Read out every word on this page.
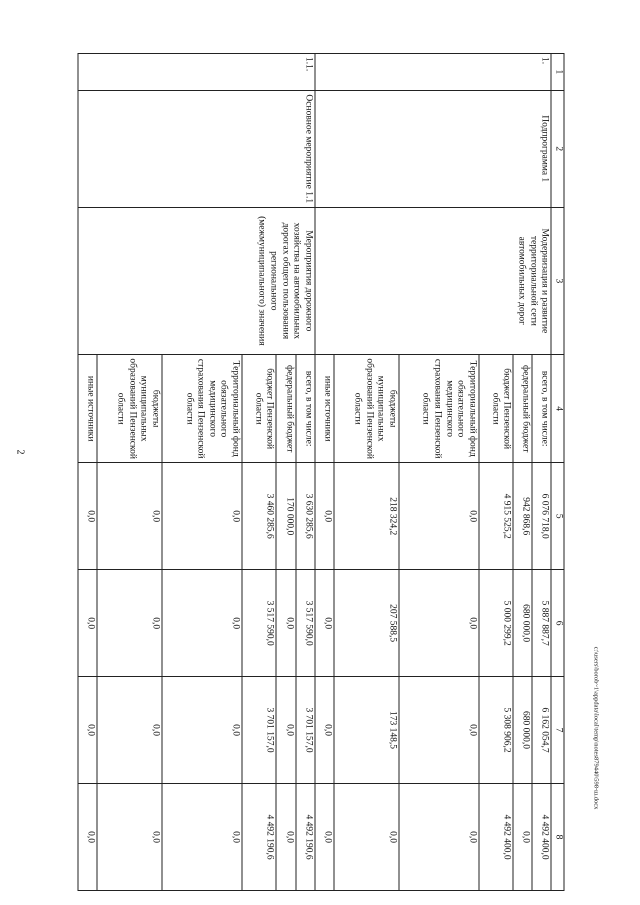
2
1	2	3	4	5	6	7	8
1.	Подпрограмма 1	Модернизация и развитие территориальной сети автомобильных дорог	всего, в том числе:	6 076 718,0	5 887 887,7	6 162 054,7	4 492 400,0
			федеральный бюджет	942 868,6	680 000,0	680 000,0	0,0
			бюджет Пензенской области	4 915 525,2	5 000 299,2	5 308 906,2	4 492 400,0
			Территориальный фонд обязательного медицинского страхования Пензенской области	0,0	0,0	0,0	0,0
			бюджеты муниципальных образований Пензенской области	218 324,2	207 588,5	173 148,5	0,0
			иные источники	0,0	0,0	0,0	0,0
1.1.	Основное мероприятие 1.1	Мероприятия дорожного хозяйства на автомобильных дорогах общего пользования регионального (межмуниципального) значения	всего, в том числе:	3 630 285,6	3 517 590,0	3 701 157,0	4 492 190,6
			федеральный бюджет	170 000,0	0,0	0,0	0,0
			бюджет Пензенской области	3 460 285,6	3 517 590,0	3 701 157,0	4 492 190,6
			Территориальный фонд обязательного медицинского страхования Пензенской области	0,0	0,0	0,0	0,0
			бюджеты муниципальных образований Пензенской области	0,0	0,0	0,0	0,0
			иные источники	0,0	0,0	0,0	0,0
c:\users\borob~1\appdata\local\temp\notes879440\598-ш.docx
